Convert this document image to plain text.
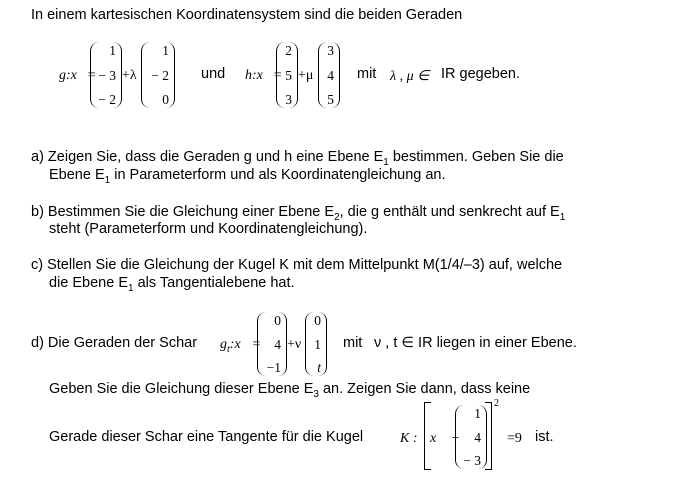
In einem kartesischen Koordinatensystem sind die beiden Geraden
g:x⃗=
1
− 3
− 2
+λ
1
− 2
0
und h:x⃗=
2
5
3
+μ
3
4
5
mit λ , μ ∈ IR gegeben.
a) Zeigen Sie, dass die Geraden g und h eine Ebene $E_1$ bestimmen. Geben Sie die
Ebene $E_1$ in Parameterform und als Koordinatengleichung an.
b) Bestimmen Sie die Gleichung einer Ebene $E_2$, die g enthält und senkrecht auf $E_1$
steht (Parameterform und Koordinatengleichung).
c) Stellen Sie die Gleichung der Kugel K mit dem Mittelpunkt M(1/4/–3) auf, welche
die Ebene $E_1$ als Tangentialebene hat.
d) Die Geraden der Schar $g_t:x⃗=$
0
4
−1
+ν
0
1
t
mit ν , t ∈ IR liegen in einer Ebene.
Geben Sie die Gleichung dieser Ebene $E_3$ an. Zeigen Sie dann, dass keine
Gerade dieser Schar eine Tangente für die Kugel	K : x⃗ −
1
4
− 3
2
=9 ist.
